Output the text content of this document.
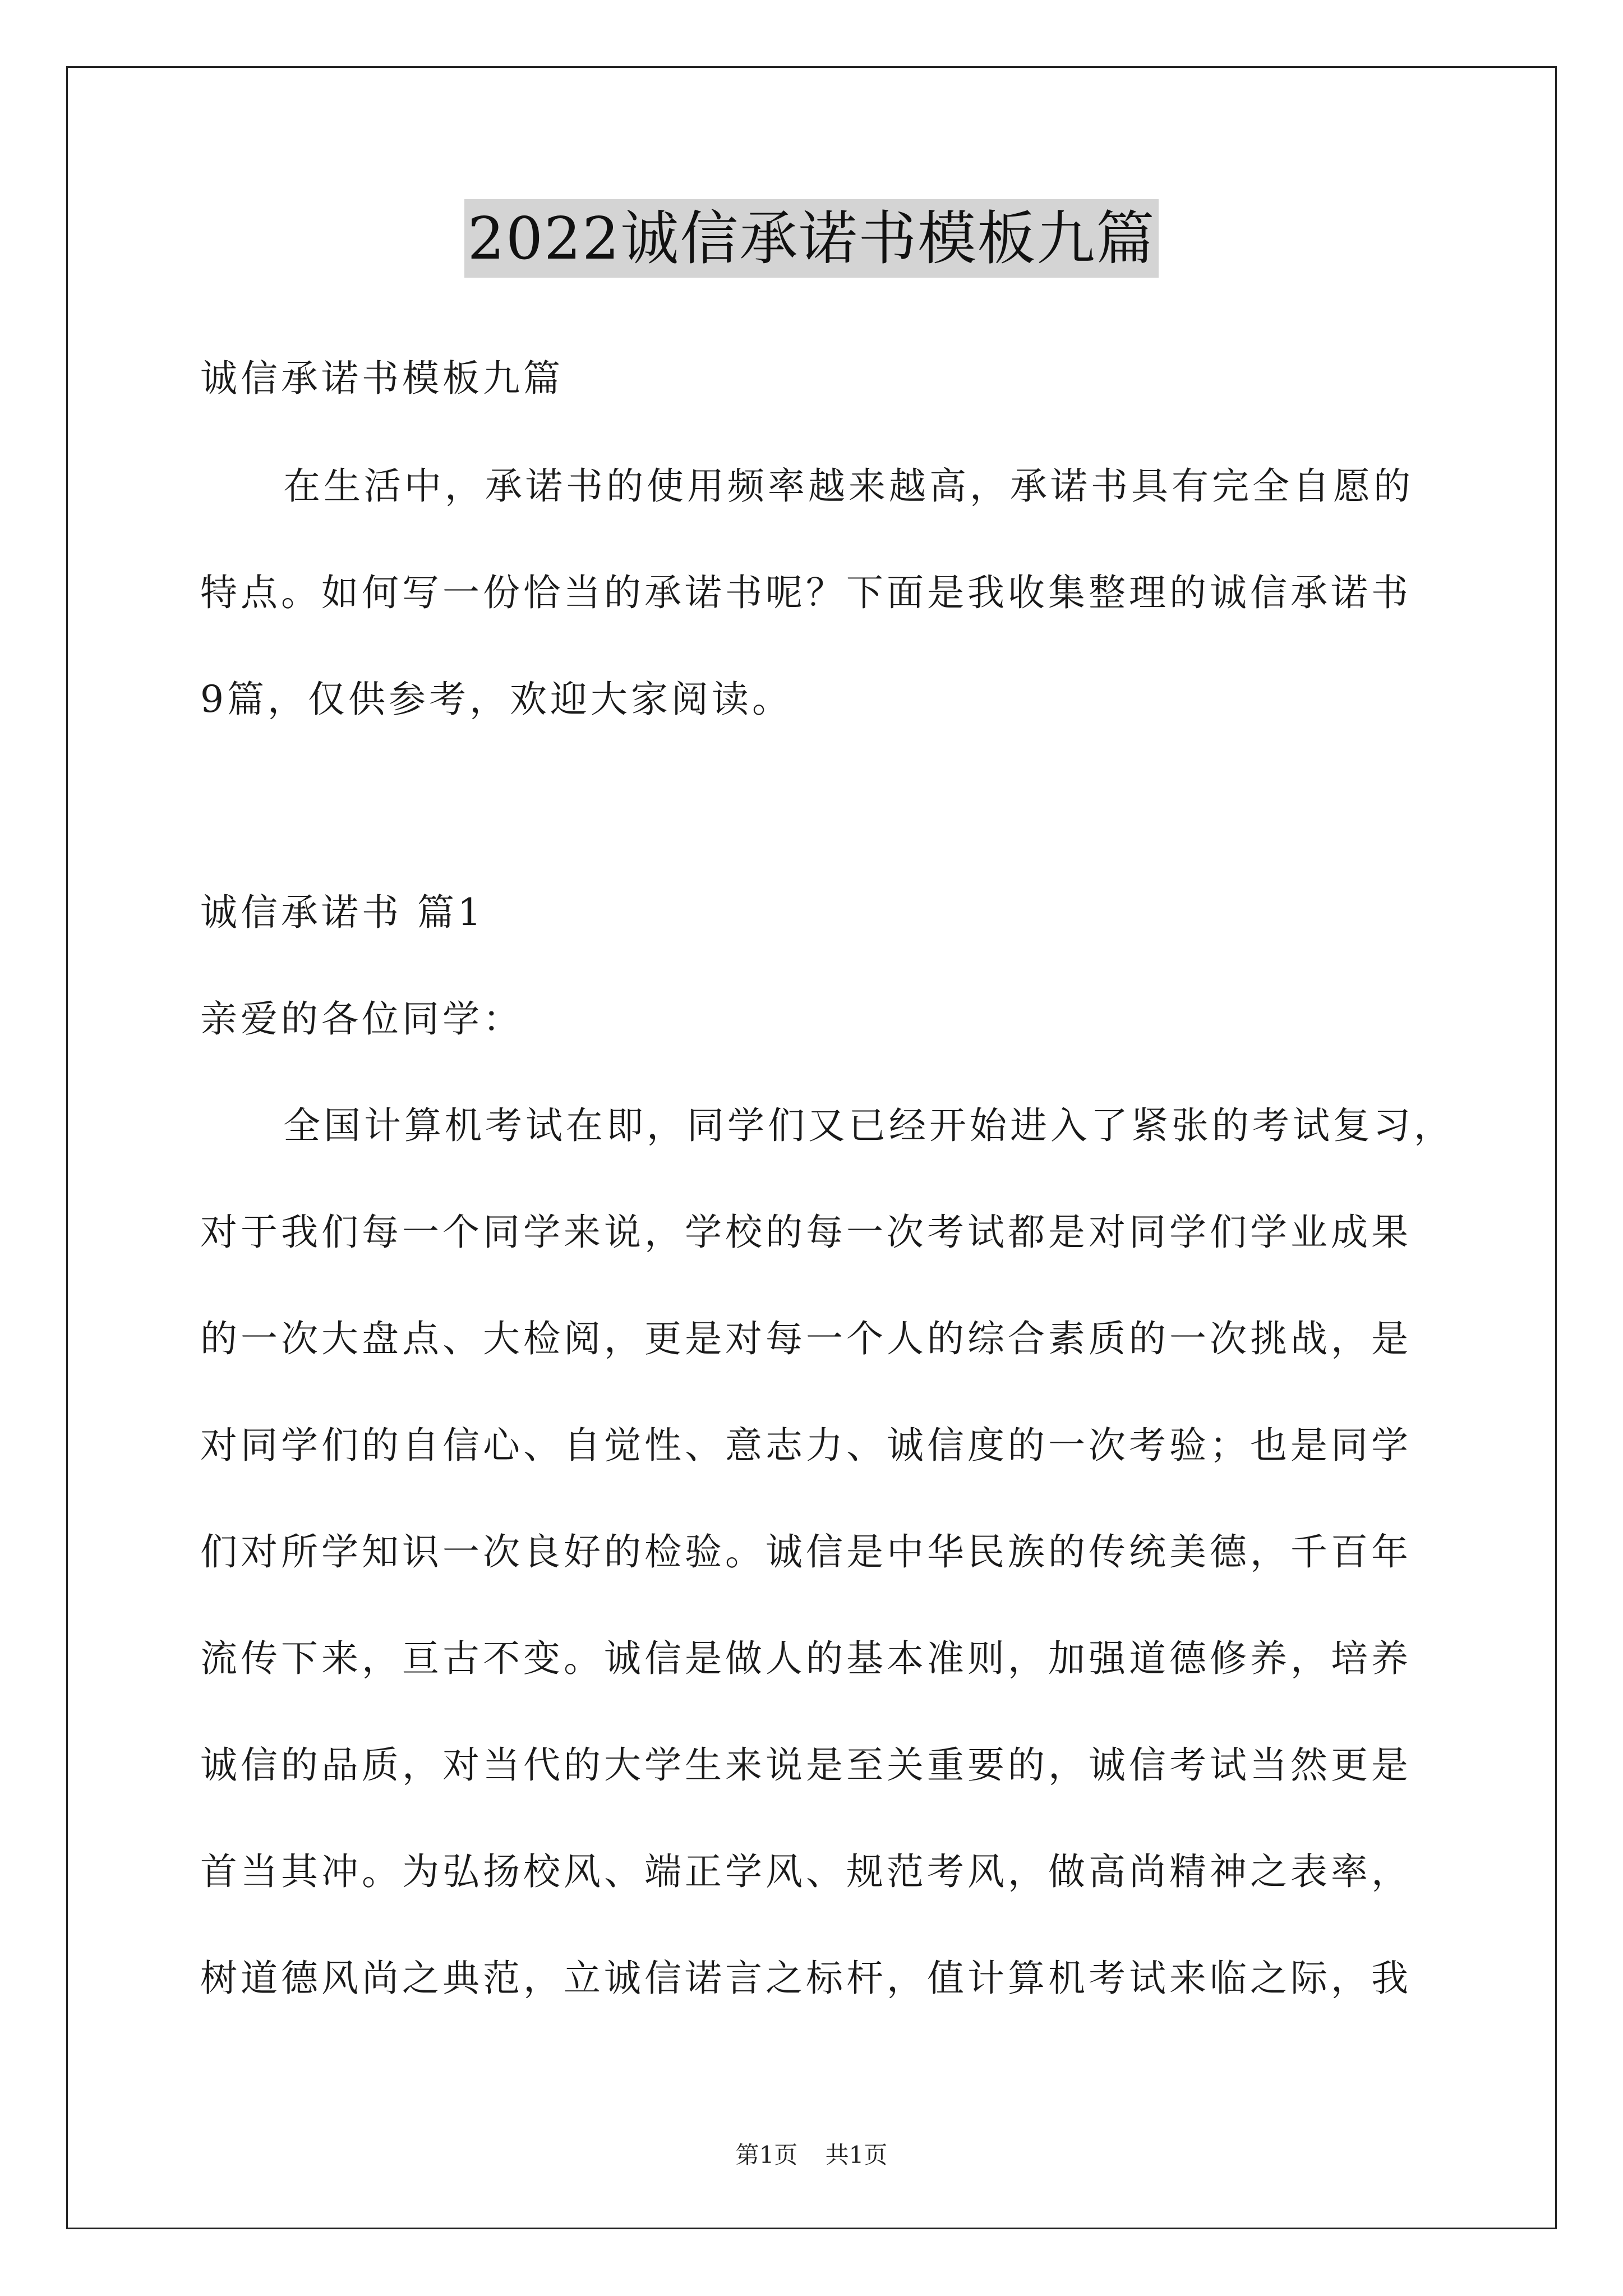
2022诚信承诺书模板九篇
诚信承诺书模板九篇
在生活中，承诺书的使用频率越来越高，承诺书具有完全自愿的
特点。如何写一份恰当的承诺书呢？下面是我收集整理的诚信承诺书
9篇，仅供参考，欢迎大家阅读。
诚信承诺书 篇1
亲爱的各位同学：
全国计算机考试在即，同学们又已经开始进入了紧张的考试复习，
对于我们每一个同学来说，学校的每一次考试都是对同学们学业成果
的一次大盘点、大检阅，更是对每一个人的综合素质的一次挑战，是
对同学们的自信心、自觉性、意志力、诚信度的一次考验；也是同学
们对所学知识一次良好的检验。诚信是中华民族的传统美德，千百年
流传下来，亘古不变。诚信是做人的基本准则，加强道德修养，培养
诚信的品质，对当代的大学生来说是至关重要的，诚信考试当然更是
首当其冲。为弘扬校风、端正学风、规范考风，做高尚精神之表率，
树道德风尚之典范，立诚信诺言之标杆，值计算机考试来临之际，我
第1页 共1页
